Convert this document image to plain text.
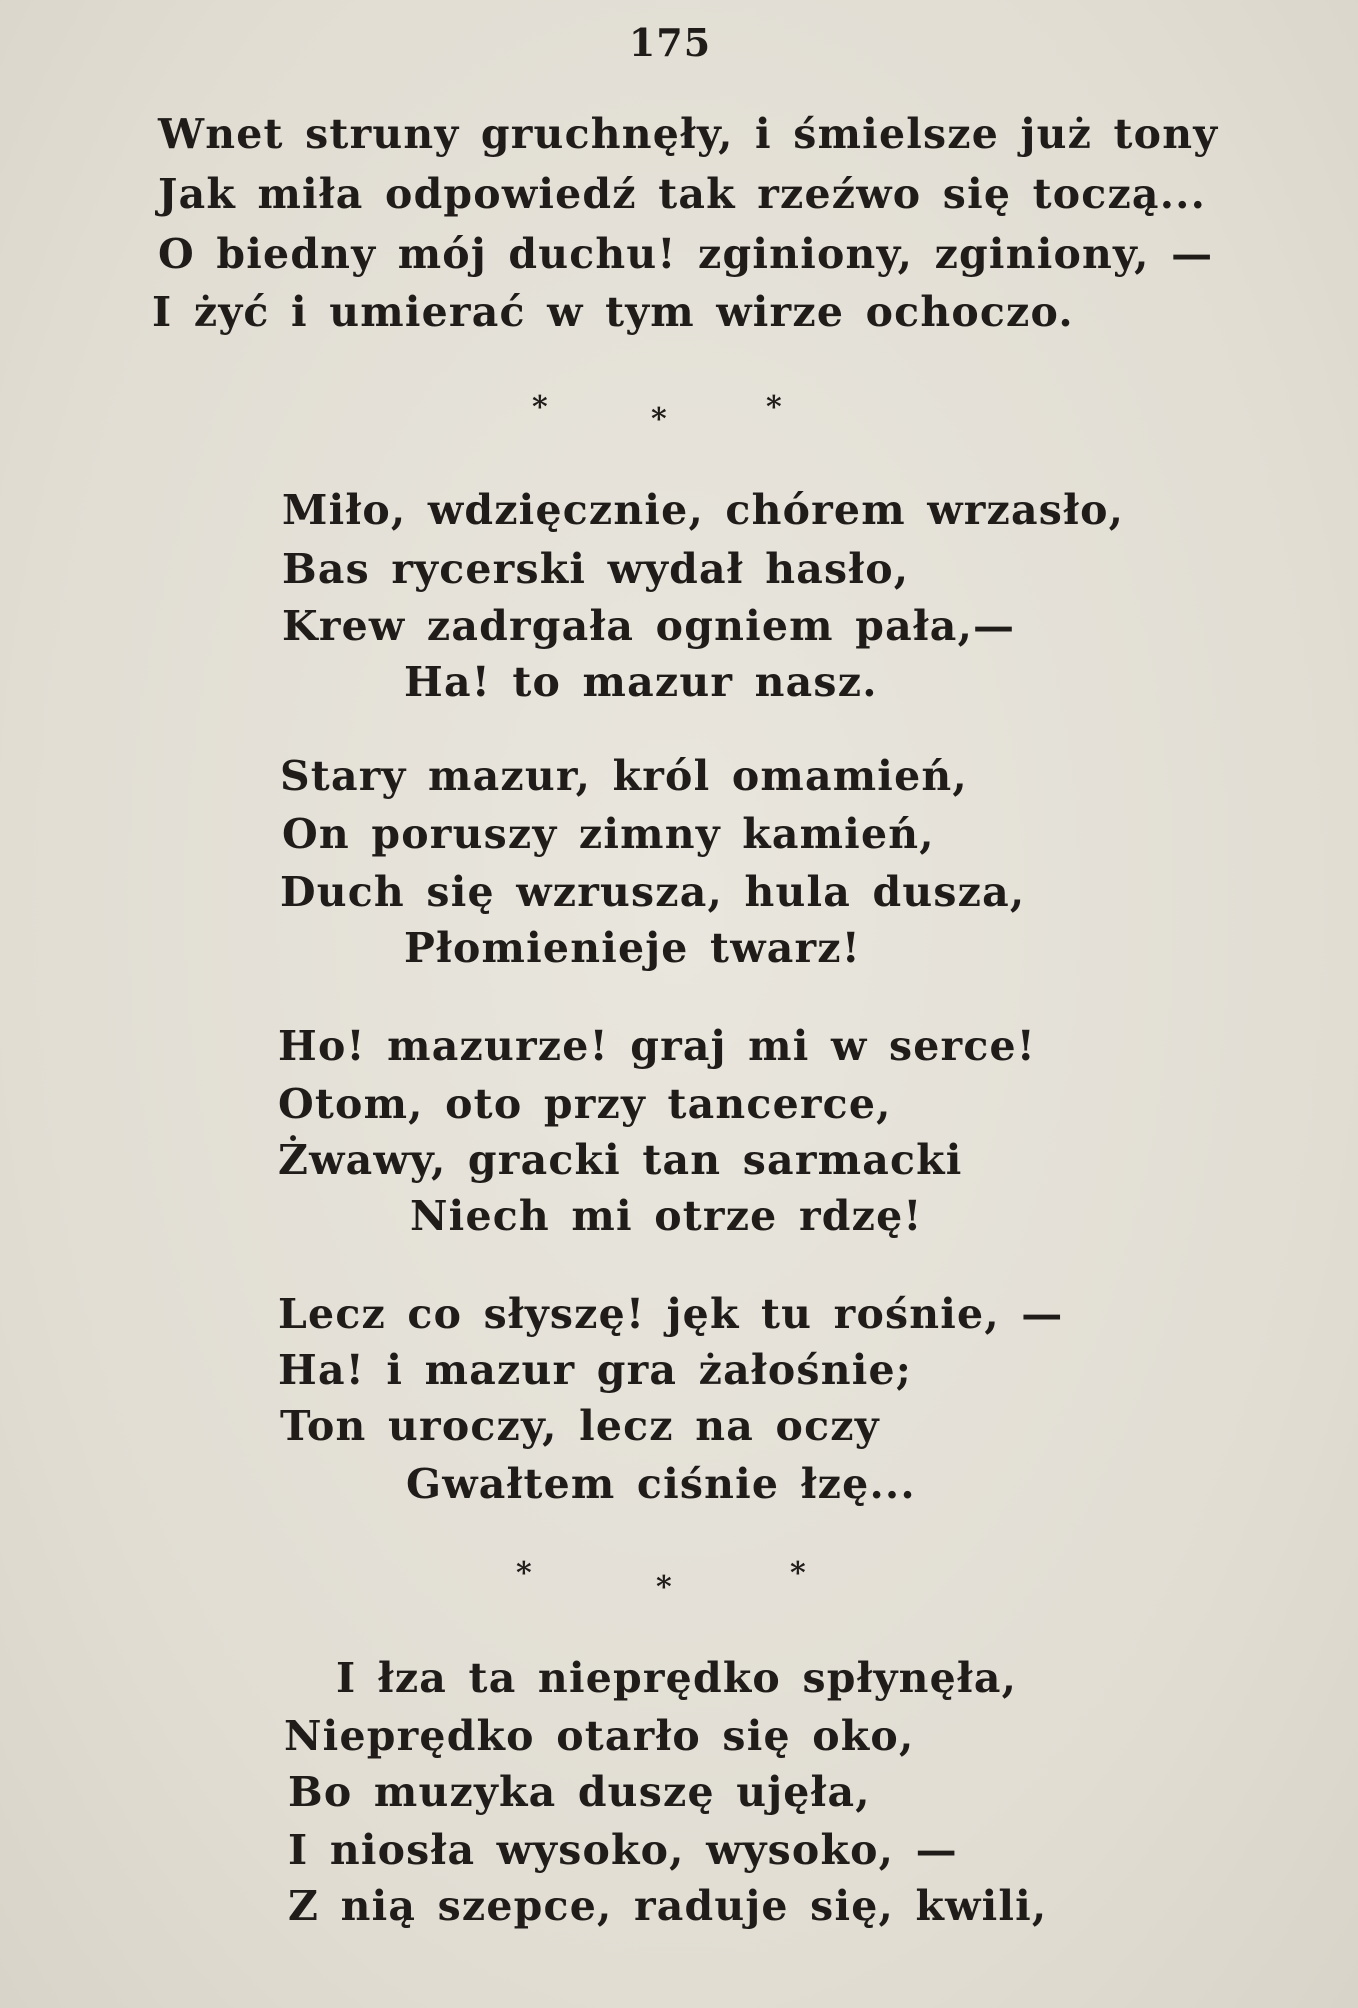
175
Wnet struny gruchnęły, i śmielsze już tony
Jak miła odpowiedź tak rzeźwo się toczą...
O biedny mój duchu! zginiony, zginiony, —
I żyć i umierać w tym wirze ochoczo.
*	*	*
Miło, wdzięcznie, chórem wrzasło,
Bas rycerski wydał hasło,
Krew zadrgała ogniem pała,—
Ha! to mazur nasz.
Stary mazur, król omamień,
On poruszy zimny kamień,
Duch się wzrusza, hula dusza,
Płomienieje twarz!
Ho! mazurze! graj mi w serce!
Otom, oto przy tancerce,
Żwawy, gracki tan sarmacki
Niech mi otrze rdzę!
Lecz co słyszę! jęk tu rośnie, —
Ha! i mazur gra żałośnie;
Ton uroczy, lecz na oczy
Gwałtem ciśnie łzę...
*	*	*
I łza ta nieprędko spłynęła,
Nieprędko otarło się oko,
Bo muzyka duszę ujęła,
I niosła wysoko, wysoko, —
Z nią szepce, raduje się, kwili,
